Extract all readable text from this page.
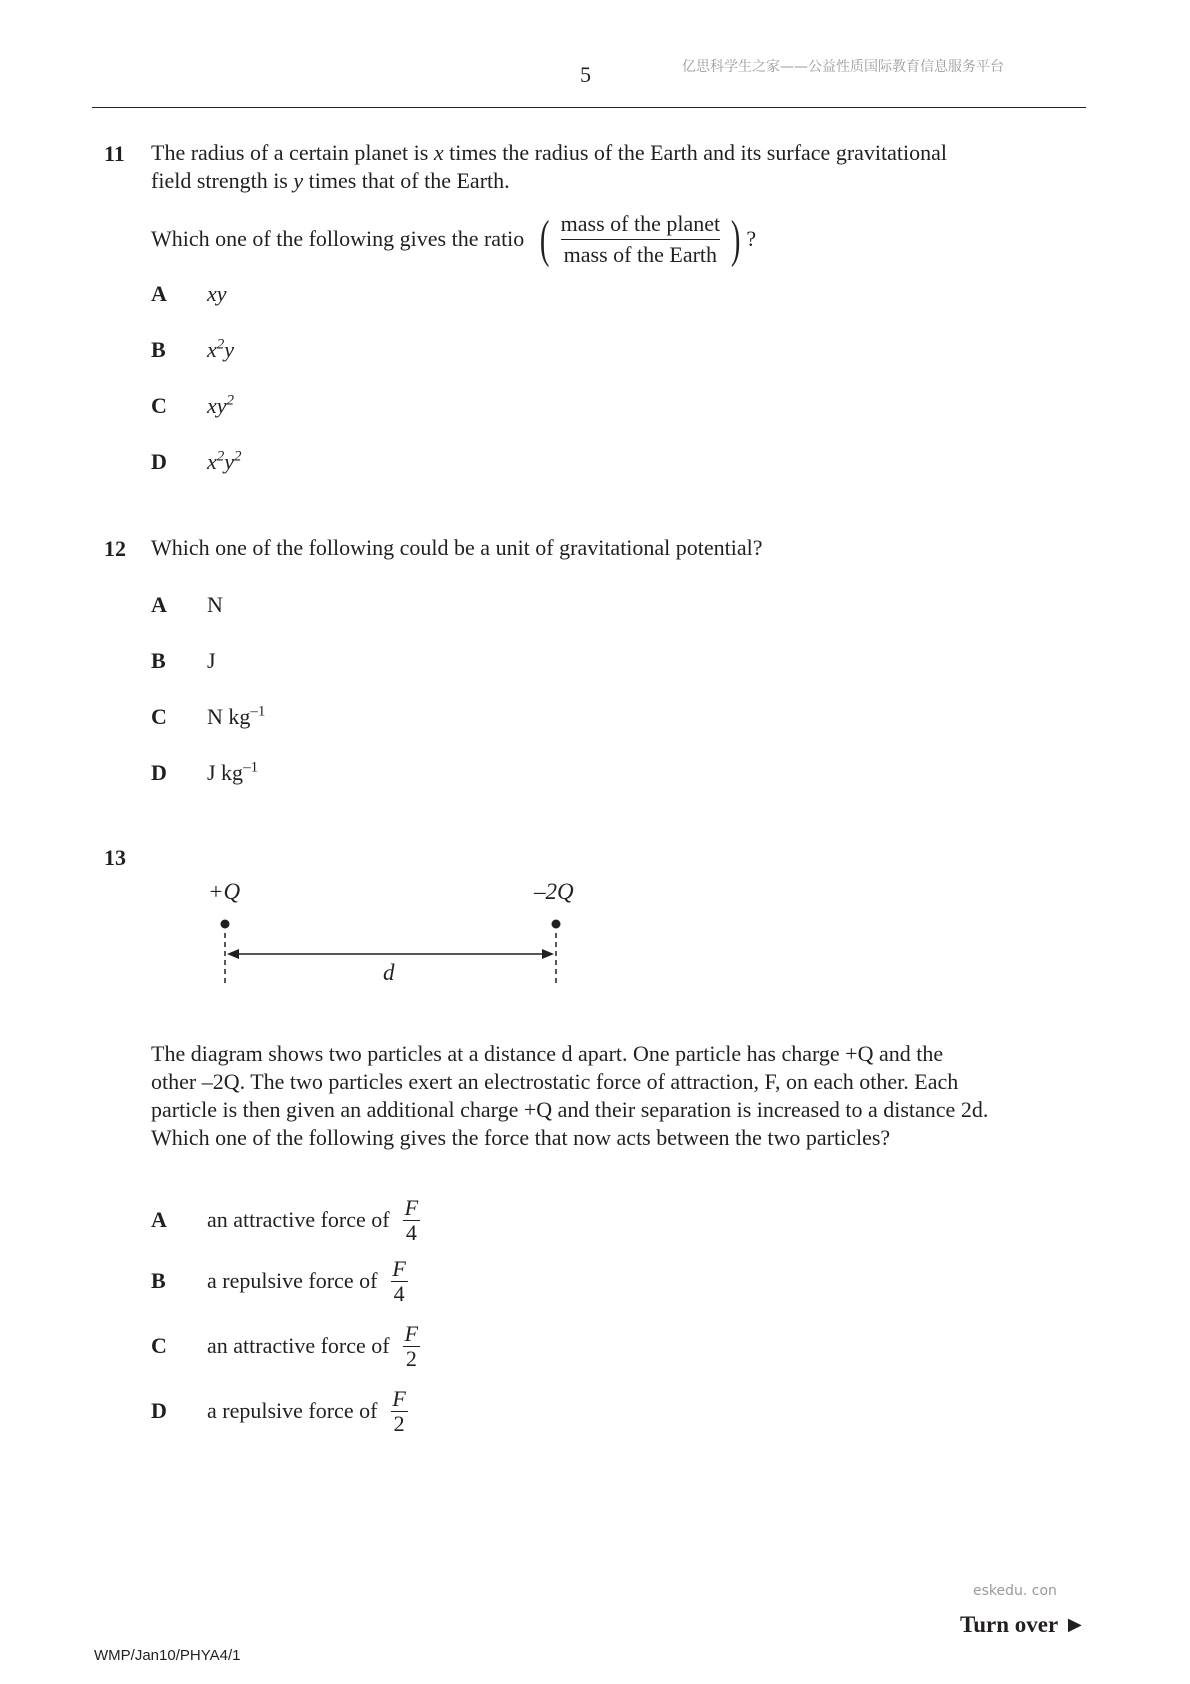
5	亿思科学生之家——公益性质国际教育信息服务平台
11 The radius of a certain planet is x times the radius of the Earth and its surface gravitational
field strength is y times that of the Earth.
Which one of the following gives the ratio ( $\frac{\text{mass of the planet}}{\text{mass of the Earth}}$ ) ?
A xy
B $x^2y$
C $xy^2$
D $x^2y^2$
12 Which one of the following could be a unit of gravitational potential?
A N
B J
C N $kg^{-1}$
D J $kg^{-1}$
13
+Q	–2Q
d
The diagram shows two particles at a distance d apart. One particle has charge +Q and the
other –2Q. The two particles exert an electrostatic force of attraction, F, on each other. Each
particle is then given an additional charge +Q and their separation is increased to a distance 2d.
Which one of the following gives the force that now acts between the two particles?
A	an attractive force of $\frac{F}{4}$
B	a repulsive force of $\frac{F}{4}$
C	an attractive force of $\frac{F}{2}$
D	a repulsive force of $\frac{F}{2}$
eskedu. con
Turn over ►
WMP/Jan10/PHYA4/1
